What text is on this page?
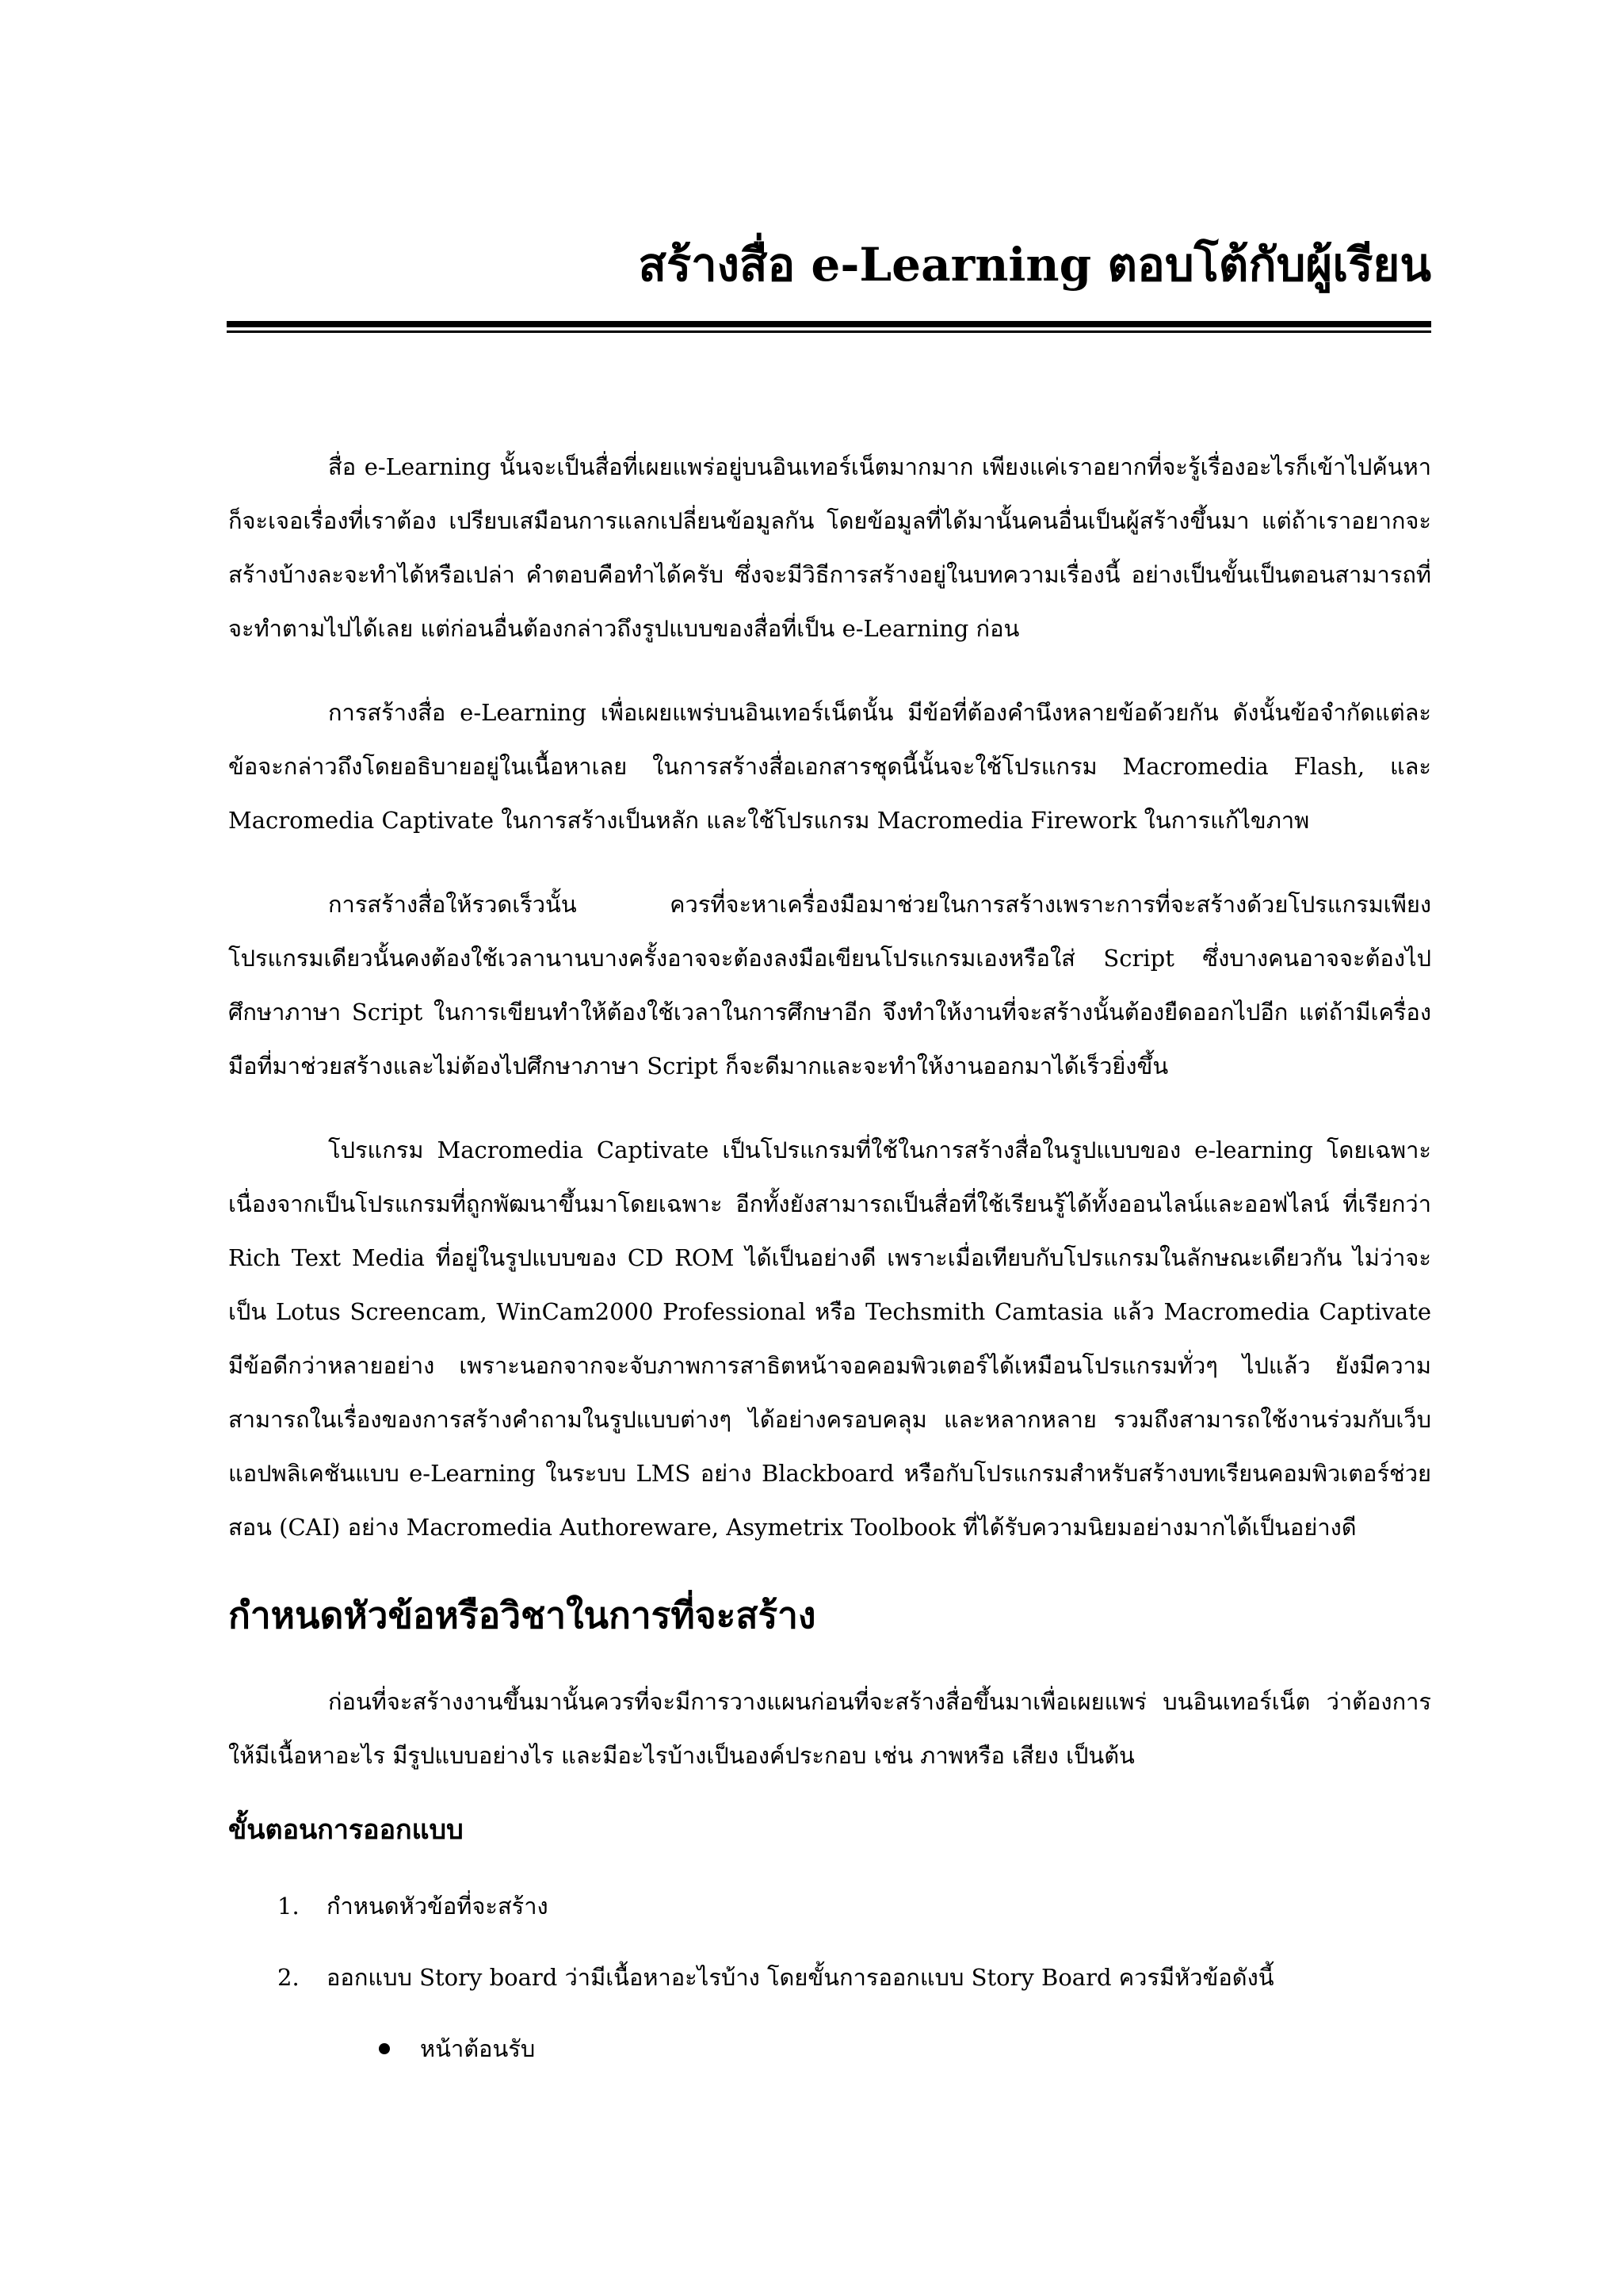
สร้างสื่อ e-Learning ตอบโต้กับผู้เรียน

สื่อ e-Learning นั้นจะเป็นสื่อที่เผยแพร่อยู่บนอินเทอร์เน็ตมากมาก เพียงแค่เราอยากที่จะรู้เรื่องอะไรก็เข้าไปค้นหา ก็จะเจอเรื่องที่เราต้อง เปรียบเสมือนการแลกเปลี่ยนข้อมูลกัน โดยข้อมูลที่ได้มานั้นคนอื่นเป็นผู้สร้างขึ้นมา แต่ถ้าเราอยากจะสร้างบ้างละจะทำได้หรือเปล่า คำตอบคือทำได้ครับ ซึ่งจะมีวิธีการสร้างอยู่ในบทความเรื่องนี้ อย่างเป็นขั้นเป็นตอนสามารถที่จะทำตามไปได้เลย แต่ก่อนอื่นต้องกล่าวถึงรูปแบบของสื่อที่เป็น e-Learning ก่อน

การสร้างสื่อ e-Learning เพื่อเผยแพร่บนอินเทอร์เน็ตนั้น มีข้อที่ต้องคำนึงหลายข้อด้วยกัน ดังนั้นข้อจำกัดแต่ละข้อจะกล่าวถึงโดยอธิบายอยู่ในเนื้อหาเลย ในการสร้างสื่อเอกสารชุดนี้นั้นจะใช้โปรแกรม Macromedia Flash, และ Macromedia Captivate ในการสร้างเป็นหลัก และใช้โปรแกรม Macromedia Firework ในการแก้ไขภาพ

การสร้างสื่อให้รวดเร็วนั้น ควรที่จะหาเครื่องมือมาช่วยในการสร้างเพราะการที่จะสร้างด้วยโปรแกรมเพียงโปรแกรมเดียวนั้นคงต้องใช้เวลานานบางครั้งอาจจะต้องลงมือเขียนโปรแกรมเองหรือใส่ Script ซึ่งบางคนอาจจะต้องไปศึกษาภาษา Script ในการเขียนทำให้ต้องใช้เวลาในการศึกษาอีก จึงทำให้งานที่จะสร้างนั้นต้องยืดออกไปอีก แต่ถ้ามีเครื่องมือที่มาช่วยสร้างและไม่ต้องไปศึกษาภาษา Script ก็จะดีมากและจะทำให้งานออกมาได้เร็วยิ่งขึ้น

โปรแกรม Macromedia Captivate เป็นโปรแกรมที่ใช้ในการสร้างสื่อในรูปแบบของ e-learning โดยเฉพาะ เนื่องจากเป็นโปรแกรมที่ถูกพัฒนาขึ้นมาโดยเฉพาะ อีกทั้งยังสามารถเป็นสื่อที่ใช้เรียนรู้ได้ทั้งออนไลน์และออฟไลน์ ที่เรียกว่า Rich Text Media ที่อยู่ในรูปแบบของ CD ROM ได้เป็นอย่างดี เพราะเมื่อเทียบกับโปรแกรมในลักษณะเดียวกัน ไม่ว่าจะเป็น Lotus Screencam, WinCam2000 Professional หรือ Techsmith Camtasia แล้ว Macromedia Captivate มีข้อดีกว่าหลายอย่าง เพราะนอกจากจะจับภาพการสาธิตหน้าจอคอมพิวเตอร์ได้เหมือนโปรแกรมทั่วๆ ไปแล้ว ยังมีความสามารถในเรื่องของการสร้างคำถามในรูปแบบต่างๆ ได้อย่างครอบคลุม และหลากหลาย รวมถึงสามารถใช้งานร่วมกับเว็บแอปพลิเคชันแบบ e-Learning ในระบบ LMS อย่าง Blackboard หรือกับโปรแกรมสำหรับสร้างบทเรียนคอมพิวเตอร์ช่วยสอน (CAI) อย่าง Macromedia Authoreware, Asymetrix Toolbook ที่ได้รับความนิยมอย่างมากได้เป็นอย่างดี

กำหนดหัวข้อหรือวิชาในการที่จะสร้าง

ก่อนที่จะสร้างงานขึ้นมานั้นควรที่จะมีการวางแผนก่อนที่จะสร้างสื่อขึ้นมาเพื่อเผยแพร่ บนอินเทอร์เน็ต ว่าต้องการให้มีเนื้อหาอะไร มีรูปแบบอย่างไร และมีอะไรบ้างเป็นองค์ประกอบ เช่น ภาพหรือ เสียง เป็นต้น

ขั้นตอนการออกแบบ
1.	กำหนดหัวข้อที่จะสร้าง
2.	ออกแบบ Story board ว่ามีเนื้อหาอะไรบ้าง โดยขั้นการออกแบบ Story Board ควรมีหัวข้อดังนี้
หน้าต้อนรับ
